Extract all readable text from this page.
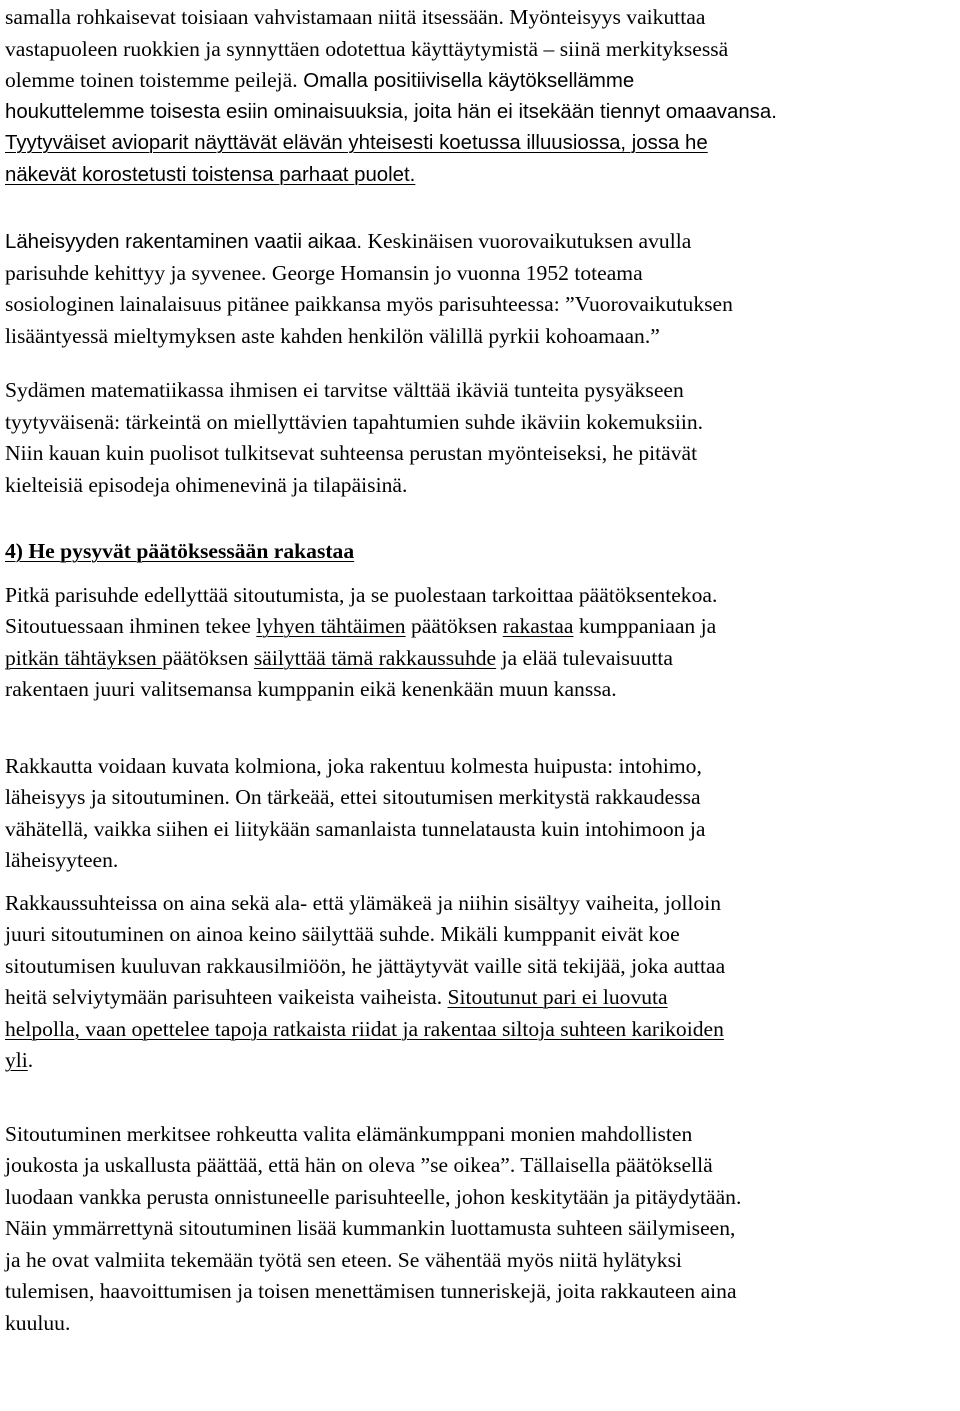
samalla rohkaisevat toisiaan vahvistamaan niitä itsessään. Myönteisyys vaikuttaa
vastapuoleen ruokkien ja synnyttäen odotettua käyttäytymistä – siinä merkityksessä
olemme toinen toistemme peilejä. Omalla positiivisella käytöksellämme
houkuttelemme toisesta esiin ominaisuuksia, joita hän ei itsekään tiennyt omaavansa.
Tyytyväiset avioparit näyttävät elävän yhteisesti koetussa illuusiossa, jossa he
näkevät korostetusti toistensa parhaat puolet.
Läheisyyden rakentaminen vaatii aikaa. Keskinäisen vuorovaikutuksen avulla
parisuhde kehittyy ja syvenee. George Homansin jo vuonna 1952 toteama
sosiologinen lainalaisuus pitänee paikkansa myös parisuhteessa: ”Vuorovaikutuksen
lisääntyessä mieltymyksen aste kahden henkilön välillä pyrkii kohoamaan.”
Sydämen matematiikassa ihmisen ei tarvitse välttää ikäviä tunteita pysyäkseen
tyytyväisenä: tärkeintä on miellyttävien tapahtumien suhde ikäviin kokemuksiin.
Niin kauan kuin puolisot tulkitsevat suhteensa perustan myönteiseksi, he pitävät
kielteisiä episodeja ohimenevinä ja tilapäisinä.
4) He pysyvät päätöksessään rakastaa
Pitkä parisuhde edellyttää sitoutumista, ja se puolestaan tarkoittaa päätöksentekoa.
Sitoutuessaan ihminen tekee lyhyen tähtäimen päätöksen rakastaa kumppaniaan ja
pitkän tähtäyksen päätöksen säilyttää tämä rakkaussuhde ja elää tulevaisuutta
rakentaen juuri valitsemansa kumppanin eikä kenenkään muun kanssa.
Rakkautta voidaan kuvata kolmiona, joka rakentuu kolmesta huipusta: intohimo,
läheisyys ja sitoutuminen. On tärkeää, ettei sitoutumisen merkitystä rakkaudessa
vähätellä, vaikka siihen ei liitykään samanlaista tunnelatausta kuin intohimoon ja
läheisyyteen.
Rakkaussuhteissa on aina sekä ala- että ylämäkeä ja niihin sisältyy vaiheita, jolloin
juuri sitoutuminen on ainoa keino säilyttää suhde. Mikäli kumppanit eivät koe
sitoutumisen kuuluvan rakkausilmiöön, he jättäytyvät vaille sitä tekijää, joka auttaa
heitä selviytymään parisuhteen vaikeista vaiheista. Sitoutunut pari ei luovuta
helpolla, vaan opettelee tapoja ratkaista riidat ja rakentaa siltoja suhteen karikoiden
yli.
Sitoutuminen merkitsee rohkeutta valita elämänkumppani monien mahdollisten
joukosta ja uskallusta päättää, että hän on oleva ”se oikea”. Tällaisella päätöksellä
luodaan vankka perusta onnistuneelle parisuhteelle, johon keskitytään ja pitäydytään.
Näin ymmärrettynä sitoutuminen lisää kummankin luottamusta suhteen säilymiseen,
ja he ovat valmiita tekemään työtä sen eteen. Se vähentää myös niitä hylätyksi
tulemisen, haavoittumisen ja toisen menettämisen tunneriskejä, joita rakkauteen aina
kuuluu.
